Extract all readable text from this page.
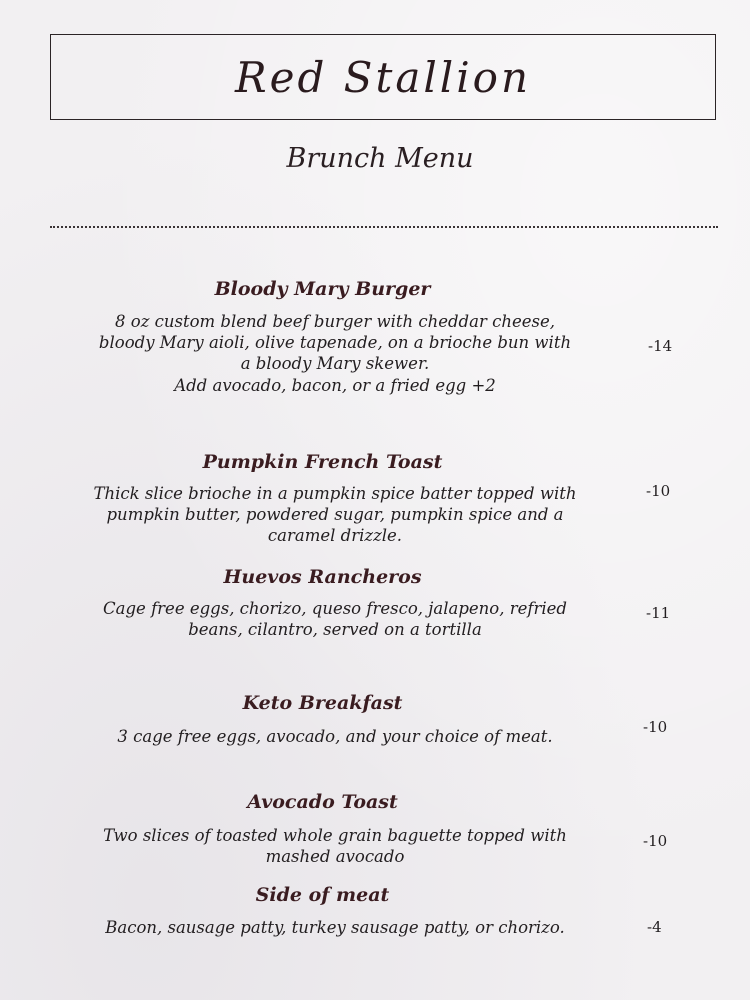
Red Stallion
Brunch Menu
Bloody Mary Burger
8 oz custom blend beef burger with cheddar cheese,
bloody Mary aioli, olive tapenade, on a brioche bun with
a bloody Mary skewer.
Add avocado, bacon, or a fried egg +2
-14
Pumpkin French Toast
Thick slice brioche in a pumpkin spice batter topped with
pumpkin butter, powdered sugar, pumpkin spice and a
caramel drizzle.
-10
Huevos Rancheros
Cage free eggs, chorizo, queso fresco, jalapeno, refried
beans, cilantro, served on a tortilla
-11
Keto Breakfast
3 cage free eggs, avocado, and your choice of meat.	-10
Avocado Toast
Two slices of toasted whole grain baguette topped with
mashed avocado
-10
Side of meat
Bacon, sausage patty, turkey sausage patty, or chorizo.	-4
